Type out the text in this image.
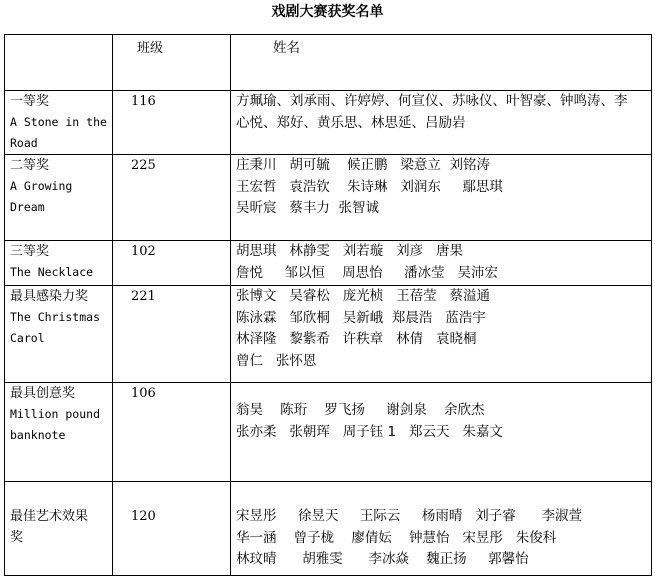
戏剧大赛获奖名单
	班级	姓名

一等奖
A Stone in the
Road	116	方珮瑜、刘承雨、许婷婷、何宣仪、苏咏仪、叶智豪、钟鸣涛、李
心悦、郑好、黄乐思、林思延、吕励岩

二等奖
A Growing
Dream	225	庄秉川   胡可毓    候正鹏   梁意立  刘铭涛
王宏哲   袁浩钦    朱诗琳   刘润东     鄢思琪
吴昕宸   蔡丰力  张智诚

三等奖
The Necklace	102	胡思琪   林静雯   刘若璇   刘彦   唐果
詹悦     邹以恒    周思怡     潘冰莹   吴沛宏

最具感染力奖
The Christmas
Carol	221	张博文   吴睿松   庞光桢   王蓓莹   蔡溢通
陈泳霖   邹欣桐   吴新峨  郑晨浩   蓝浩宇
林泽隆   黎紫希   许秩章   林倩   袁晓桐
曾仁   张怀恩

最具创意奖
Million pound
banknote	106	翁昊    陈珩    罗飞扬     谢剑泉    余欣杰
张亦柔   张朝珲   周子钰 1   郑云天   朱嘉文

最佳艺术效果
奖	120	宋昱彤     徐昱天     王际云     杨雨晴   刘子睿      李淑萱
华一涵    曾子栊    廖倩妘    钟慧怡   宋昱彤   朱俊科
林玟晴      胡雅雯      李冰焱    魏正扬     郭馨怡
